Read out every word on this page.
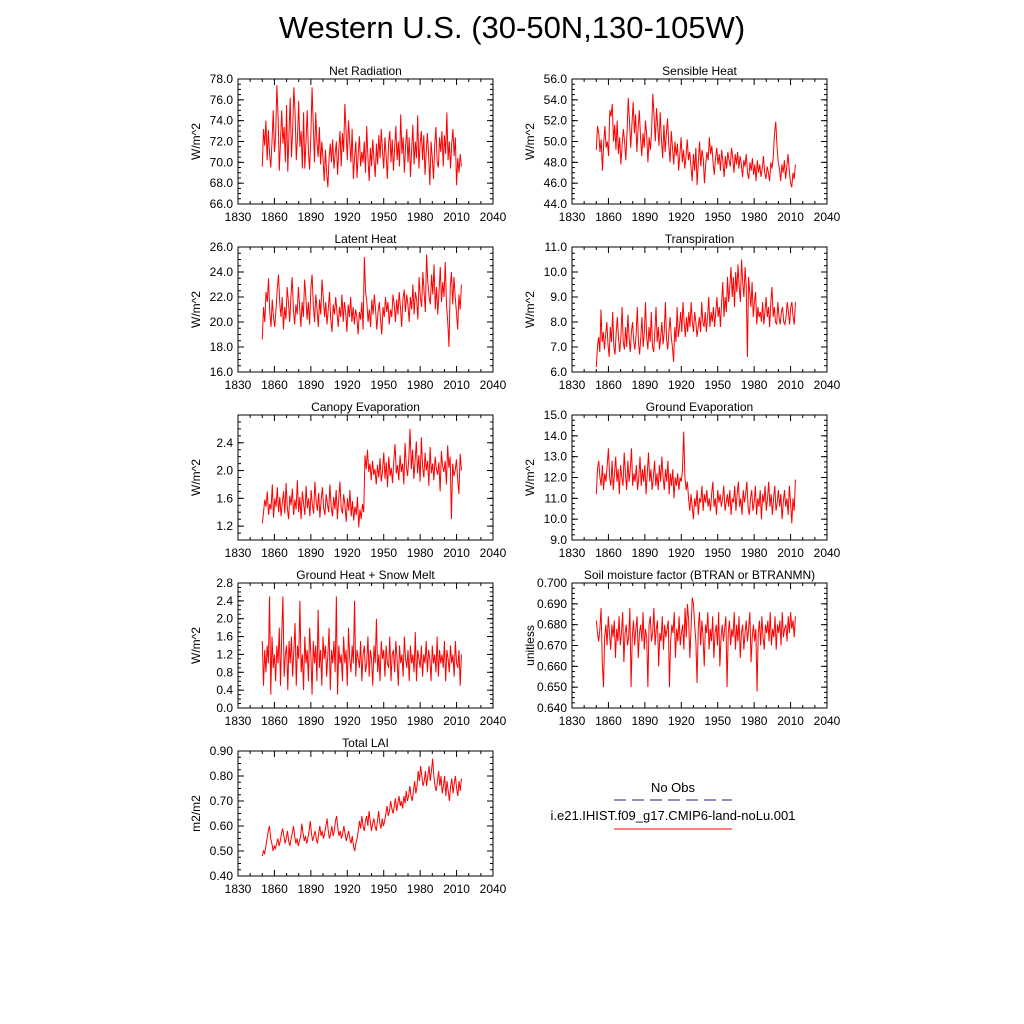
Western U.S. (30-50N,130-105W)
Net Radiation
1830 1860 1890 1920 1950 1980 2010 2040
66.0
68.0
70.0
72.0
74.0
76.0
78.0
W/m^2
Sensible Heat
1830 1860 1890 1920 1950 1980 2010 2040
44.0
46.0
48.0
50.0
52.0
54.0
56.0
W/m^2
Latent Heat
1830 1860 1890 1920 1950 1980 2010 2040
16.0
18.0
20.0
22.0
24.0
26.0
W/m^2
Transpiration
1830 1860 1890 1920 1950 1980 2010 2040
6.0
7.0
8.0
9.0
10.0
11.0
W/m^2
Canopy Evaporation
1830 1860 1890 1920 1950 1980 2010 2040
1.2
1.6
2.0
2.4
W/m^2
Ground Evaporation
1830 1860 1890 1920 1950 1980 2010 2040
9.0
10.0
11.0
12.0
13.0
14.0
15.0
W/m^2
Ground Heat + Snow Melt
1830 1860 1890 1920 1950 1980 2010 2040
0.0
0.4
0.8
1.2
1.6
2.0
2.4
2.8
W/m^2
Soil moisture factor (BTRAN or BTRANMN)
1830 1860 1890 1920 1950 1980 2010 2040
0.640
0.650
0.660
0.670
0.680
0.690
0.700
unitless
Total LAI
1830 1860 1890 1920 1950 1980 2010 2040
0.40
0.50
0.60
0.70
0.80
0.90
m2/m2
No Obs
i.e21.IHIST.f09_g17.CMIP6-land-noLu.001
